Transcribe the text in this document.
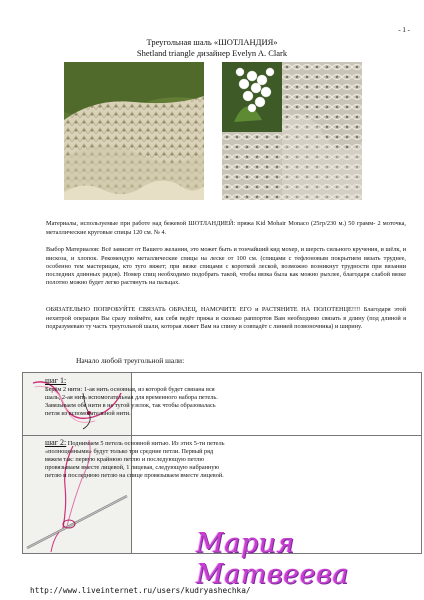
- 1 -
Треугольная шаль «ШОТЛАНДИЯ»
Shetland triangle дизайнер Evelyn A. Clark

Материалы, используемые при работе над бежевой ШОТЛАНДИЕЙ: пряжа Kid Mohair Monaco (25гр/230 м.) 50 грамм- 2 моточка, металлические круговые спицы 120 см. № 4.

Выбор Материалов: Всё зависит от Вашего желания, это может быть и тончайший кид мохер, и шерсть сильного кручения, и шёлк, и вискоза, и хлопок. Рекомендую металлические спицы на леске от 100 см. (спицами с тефлоновым покрытием вязать труднее, особенно тем мастерицам, кто туго вяжет; при вязке спицами с короткой леской, возможно возникнут трудности при вязании последних длинных рядов). Номер спиц необходимо подобрать такой, чтобы вязка была как можно рыхлее, благодаря слабой вязке полотно можно будет легко растянуть на пальцах.

ОБЯЗАТЕЛЬНО ПОПРОБУЙТЕ СВЯЗАТЬ ОБРАЗЕЦ, НАМОЧИТЕ ЕГО и РАСТЯНИТЕ НА ПОЛОТЕНЦЕ!!!! Благодаря этой нехитрой операции Вы сразу поймёте, как себя ведёт пряжа и сколько раппортов Вам необходимо связать в длину (под длиной я подразумеваю ту часть треугольной шали, которая ляжет Вам на спину и совпадёт с линией позвоночника) и ширину.

Начало любой треугольной шали:
шаг 1:
Берём 2 нити: 1-ая нить основная, из которой будет связана вся шаль, 2-ая нить вспомогательная для временного набора петель. Завязываем обе нити в не тугой узелок, так чтобы образовалась петля из вспомогательной нити.
шаг 2: Поднимаем 5 петель основной нитью. Из этих 5-ти петель «полноценными» будут только три средние петли. Первый ряд вяжем так: первую крайнюю петлю и последующую петлю провязываем вместе лицевой, 1 лицевая, следующую набранную петлю и последнюю петлю на спице провязываем вместе лицевой.
Мария Матвеева
http://www.liveinternet.ru/users/kudryashechka/
